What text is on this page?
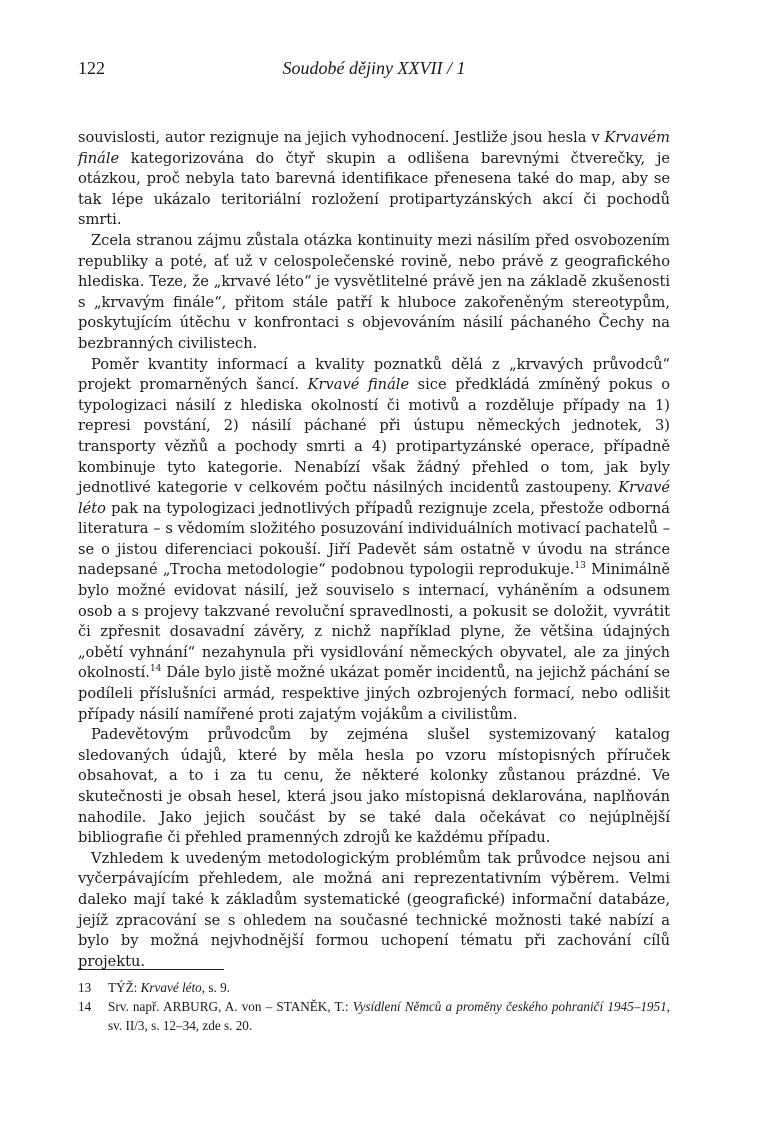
122	Soudobé dějiny XXVII / 1

souvislosti, autor rezignuje na jejich vyhodnocení. Jestliže jsou hesla v Krvavém finále kategorizována do čtyř skupin a odlišena barevnými čtverečky, je otázkou, proč nebyla tato barevná identifikace přenesena také do map, aby se tak lépe ukázalo teritoriální rozložení protipartyzánských akcí či pochodů smrti.

Zcela stranou zájmu zůstala otázka kontinuity mezi násilím před osvobozením republiky a poté, ať už v celospolečenské rovině, nebo právě z geografického hlediska. Teze, že „krvavé léto“ je vysvětlitelné právě jen na základě zkušenosti s „krvavým finále“, přitom stále patří k hluboce zakořeněným stereotypům, poskytujícím útěchu v konfrontaci s objevováním násilí páchaného Čechy na bezbranných civilistech.

Poměr kvantity informací a kvality poznatků dělá z „krvavých průvodců“ projekt promarněných šancí. Krvavé finále sice předkládá zmíněný pokus o typologizaci násilí z hlediska okolností či motivů a rozděluje případy na 1) represi povstání, 2) násilí páchané při ústupu německých jednotek, 3) transporty vězňů a pochody smrti a 4) protipartyzánské operace, případně kombinuje tyto kategorie. Nenabízí však žádný přehled o tom, jak byly jednotlivé kategorie v celkovém počtu násilných incidentů zastoupeny. Krvavé léto pak na typologizaci jednotlivých případů rezignuje zcela, přestože odborná literatura – s vědomím složitého posuzování individuálních motivací pachatelů – se o jistou diferenciaci pokouší. Jiří Padevět sám ostatně v úvodu na stránce nadepsané „Trocha metodologie“ podobnou typologii reprodukuje.$^{13}$ Minimálně bylo možné evidovat násilí, jež souviselo s internací, vyháněním a odsunem osob a s projevy takzvané revoluční spravedlnosti, a pokusit se doložit, vyvrátit či zpřesnit dosavadní závěry, z nichž například plyne, že většina údajných „obětí vyhnání“ nezahynula při vysidlování německých obyvatel, ale za jiných okolností.$^{14}$ Dále bylo jistě možné ukázat poměr incidentů, na jejichž páchání se podíleli příslušníci armád, respektive jiných ozbrojených formací, nebo odlišit případy násilí namířené proti zajatým vojákům a civilistům.

Padevětovým průvodcům by zejména slušel systemizovaný katalog sledovaných údajů, které by měla hesla po vzoru místopisných příruček obsahovat, a to i za tu cenu, že některé kolonky zůstanou prázdné. Ve skutečnosti je obsah hesel, která jsou jako místopisná deklarována, naplňován nahodile. Jako jejich součást by se také dala očekávat co nejúplnější bibliografie či přehled pramenných zdrojů ke každému případu.

Vzhledem k uvedeným metodologickým problémům tak průvodce nejsou ani vyčerpávajícím přehledem, ale možná ani reprezentativním výběrem. Velmi daleko mají také k základům systematické (geografické) informační databáze, jejíž zpracování se s ohledem na současné technické možnosti také nabízí a bylo by možná nejvhodnější formou uchopení tématu při zachování cílů projektu.

13 TÝŽ: Krvavé léto, s. 9.
14 Srv. např. ARBURG, A. von – STANĚK, T.: Vysídlení Němců a proměny českého pohraničí 1945–1951, sv. II/3, s. 12–34, zde s. 20.
